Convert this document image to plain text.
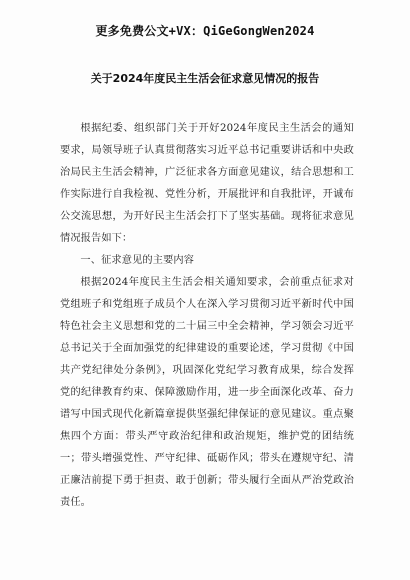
更多免费公文+VX：QiGeGongWen2024
关于2024年度民主生活会征求意见情况的报告

根据纪委、组织部门关于开好2024年度民主生活会的通知要求，局领导班子认真贯彻落实习近平总书记重要讲话和中央政治局民主生活会精神，广泛征求各方面意见建议，结合思想和工作实际进行自我检视、党性分析，开展批评和自我批评，开诚布公交流思想，为开好民主生活会打下了坚实基础。现将征求意见情况报告如下：

一、征求意见的主要内容

根据2024年度民主生活会相关通知要求，会前重点征求对党组班子和党组班子成员个人在深入学习贯彻习近平新时代中国特色社会主义思想和党的二十届三中全会精神，学习领会习近平总书记关于全面加强党的纪律建设的重要论述，学习贯彻《中国共产党纪律处分条例》，巩固深化党纪学习教育成果，综合发挥党的纪律教育约束、保障激励作用，进一步全面深化改革、奋力谱写中国式现代化新篇章提供坚强纪律保证的意见建议。重点聚焦四个方面：带头严守政治纪律和政治规矩，维护党的团结统一；带头增强党性、严守纪律、砥砺作风；带头在遵规守纪、清正廉洁前提下勇于担责、敢于创新；带头履行全面从严治党政治责任。
